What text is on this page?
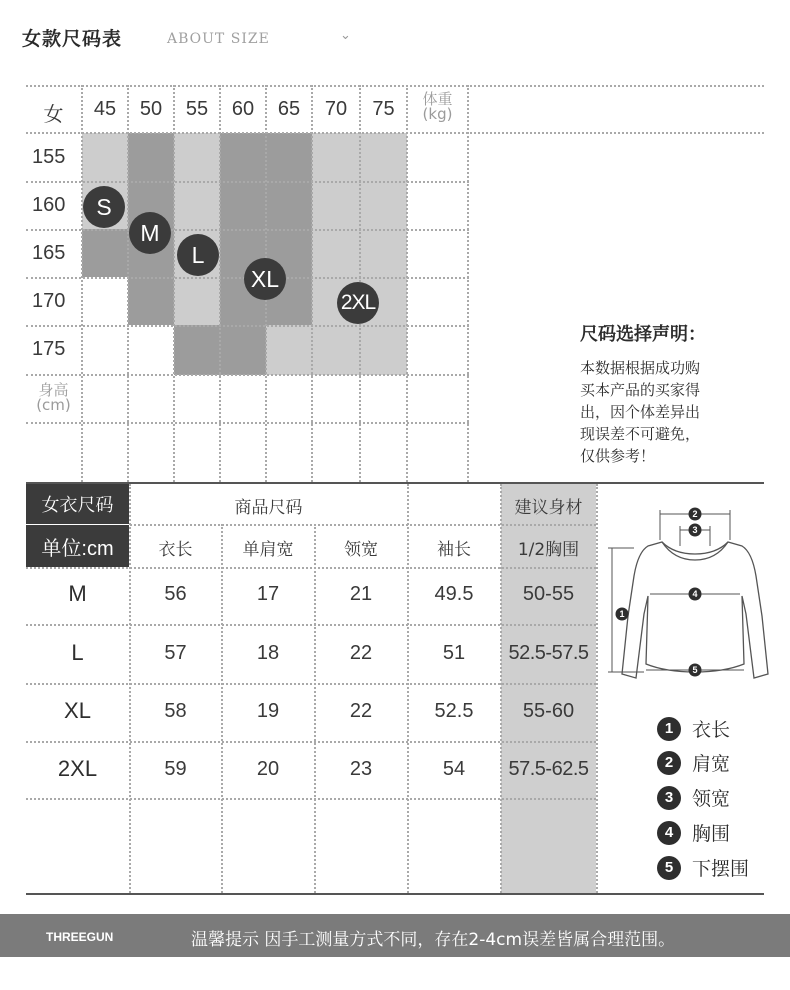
女款尺码表	ABOUT SIZE	⌄
女	45	50	55	60	65	70	75	体重
(kg)
155
160
165
170
175
身高
(cm)
S
M
L
XL
2XL
尺码选择声明：
本数据根据成功购
买本产品的买家得
出，因个体差异出
现误差不可避免，
仅供参考！
女衣尺码
单位:cm
商品尺码	建议身材
衣长	单肩宽	领宽	袖长	1/2胸围
M	56	17	21	49.5	50-55
L	57	18	22	51	52.5-57.5
XL	58	19	22	52.5	55-60
2XL	59	20	23	54	57.5-62.5
2
3
4
5
1
1 衣长
2 肩宽
3 领宽
4 胸围
5 下摆围
THREEGUN	温馨提示 因手工测量方式不同，存在2-4cm误差皆属合理范围。
